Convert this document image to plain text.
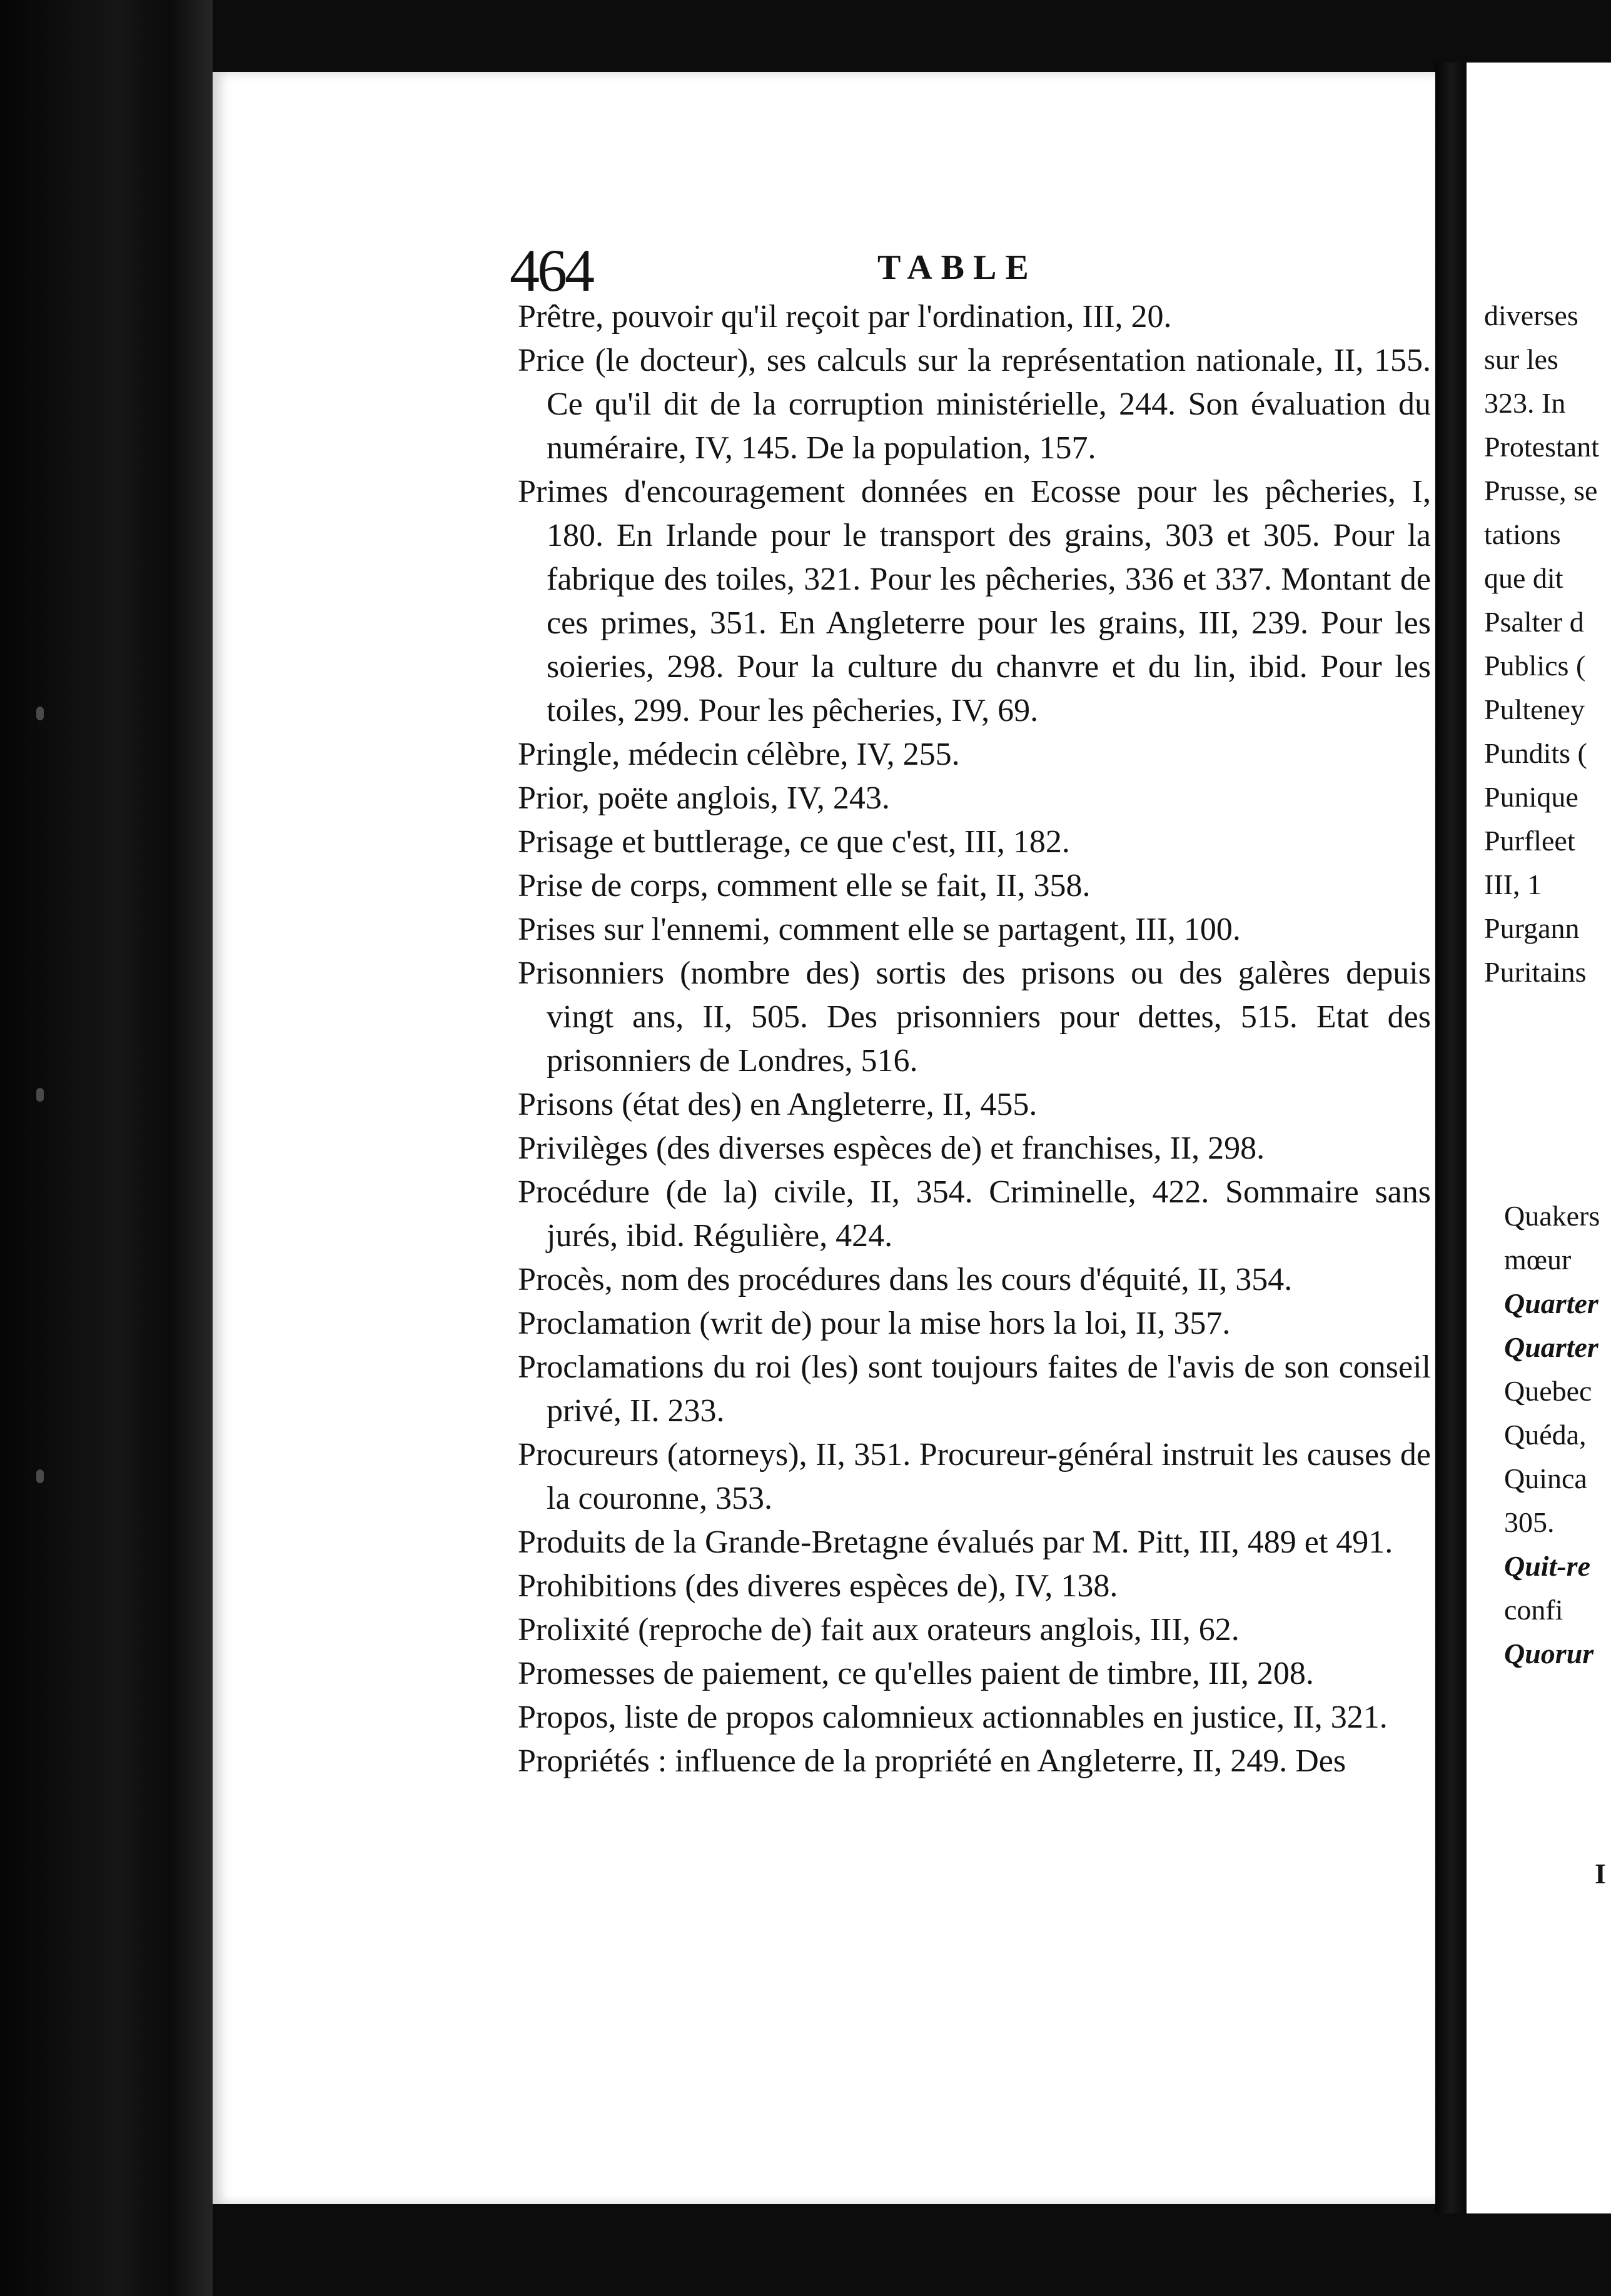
464	TABLE

Prêtre, pouvoir qu'il reçoit par l'ordination, III, 20.

Price (le docteur), ses calculs sur la représentation nationale, II, 155. Ce qu'il dit de la corruption ministérielle, 244. Son évaluation du numéraire, IV, 145. De la population, 157.

Primes d'encouragement données en Ecosse pour les pêcheries, I, 180. En Irlande pour le transport des grains, 303 et 305. Pour la fabrique des toiles, 321. Pour les pêcheries, 336 et 337. Montant de ces primes, 351. En Angleterre pour les grains, III, 239. Pour les soieries, 298. Pour la culture du chanvre et du lin, ibid. Pour les toiles, 299. Pour les pêcheries, IV, 69.

Pringle, médecin célèbre, IV, 255.

Prior, poëte anglois, IV, 243.

Prisage et buttlerage, ce que c'est, III, 182.

Prise de corps, comment elle se fait, II, 358.

Prises sur l'ennemi, comment elle se partagent, III, 100.

Prisonniers (nombre des) sortis des prisons ou des galères depuis vingt ans, II, 505. Des prisonniers pour dettes, 515. Etat des prisonniers de Londres, 516.

Prisons (état des) en Angleterre, II, 455.

Privilèges (des diverses espèces de) et franchises, II, 298.

Procédure (de la) civile, II, 354. Criminelle, 422. Sommaire sans jurés, ibid. Régulière, 424.

Procès, nom des procédures dans les cours d'équité, II, 354.

Proclamation (writ de) pour la mise hors la loi, II, 357.

Proclamations du roi (les) sont toujours faites de l'avis de son conseil privé, II. 233.

Procureurs (atorneys), II, 351. Procureur-général instruit les causes de la couronne, 353.

Produits de la Grande-Bretagne évalués par M. Pitt, III, 489 et 491.

Prohibitions (des diveres espèces de), IV, 138.

Prolixité (reproche de) fait aux orateurs anglois, III, 62.

Promesses de paiement, ce qu'elles paient de timbre, III, 208.

Propos, liste de propos calomnieux actionnables en justice, II, 321.

Propriétés : influence de la propriété en Angleterre, II, 249. Des

diverses
sur les
323. In
Protestant
Prusse, se
tations
que dit
Psalter d
Publics (
Pulteney
Pundits (
Punique
Purfleet
III, 1
Purgann
Puritains
Quakers
mœur
Quarter
Quarter
Quebec
Quéda,
Quinca
305.
Quit-re
confi
Quorur
I
